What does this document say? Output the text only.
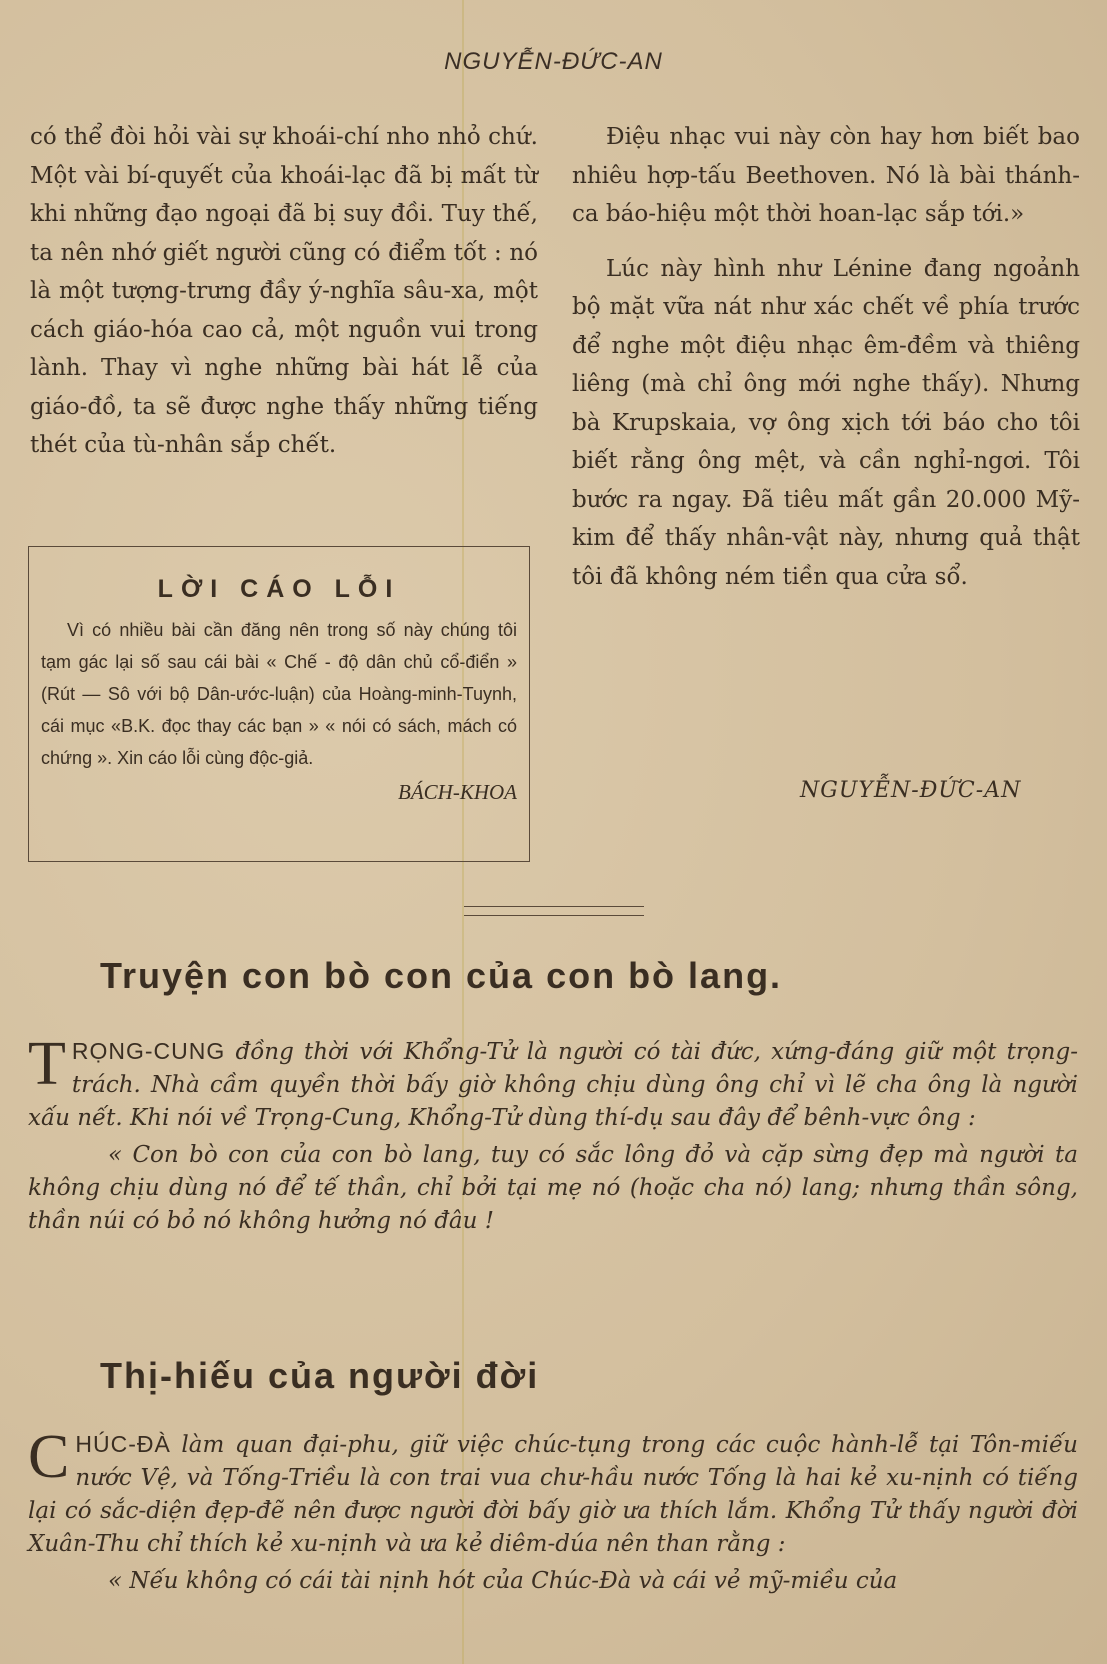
NGUYỄN-ĐỨC-AN

có thể đòi hỏi vài sự khoái-chí nho nhỏ chứ. Một vài bí-quyết của khoái-lạc đã bị mất từ khi những đạo ngoại đã bị suy đồi. Tuy thế, ta nên nhớ giết người cũng có điểm tốt : nó là một tượng-trưng đầy ý-nghĩa sâu-xa, một cách giáo-hóa cao cả, một nguồn vui trong lành. Thay vì nghe những bài hát lễ của giáo-đồ, ta sẽ được nghe thấy những tiếng thét của tù-nhân sắp chết.

LỜI CÁO LỖI
Vì có nhiều bài cần đăng nên trong số này chúng tôi tạm gác lại số sau cái bài « Chế - độ dân chủ cổ-điển » (Rút — Sô với bộ Dân-ước-luận) của Hoàng-minh-Tuynh, cái mục «B.K. đọc thay các bạn » « nói có sách, mách có chứng ». Xin cáo lỗi cùng độc-giả.
BÁCH-KHOA

Điệu nhạc vui này còn hay hơn biết bao nhiêu hợp-tấu Beethoven. Nó là bài thánh-ca báo-hiệu một thời hoan-lạc sắp tới.»

Lúc này hình như Lénine đang ngoảnh bộ mặt vữa nát như xác chết về phía trước để nghe một điệu nhạc êm-đềm và thiêng liêng (mà chỉ ông mới nghe thấy). Nhưng bà Krupskaia, vợ ông xịch tới báo cho tôi biết rằng ông mệt, và cần nghỉ-ngơi. Tôi bước ra ngay. Đã tiêu mất gần 20.000 Mỹ-kim để thấy nhân-vật này, nhưng quả thật tôi đã không ném tiền qua cửa sổ.

NGUYỄN-ĐỨC-AN
Truyện con bò con của con bò lang.

TRỌNG-CUNG đồng thời với Khổng-Tử là người có tài đức, xứng-đáng giữ một trọng-trách. Nhà cầm quyền thời bấy giờ không chịu dùng ông chỉ vì lẽ cha ông là người xấu nết. Khi nói về Trọng-Cung, Khổng-Tử dùng thí-dụ sau đây để bênh-vực ông :

« Con bò con của con bò lang, tuy có sắc lông đỏ và cặp sừng đẹp mà người ta không chịu dùng nó để tế thần, chỉ bởi tại mẹ nó (hoặc cha nó) lang; nhưng thần sông, thần núi có bỏ nó không hưởng nó đâu !

Thị-hiếu của người đời

CHÚC-ĐÀ làm quan đại-phu, giữ việc chúc-tụng trong các cuộc hành-lễ tại Tôn-miếu nước Vệ, và Tống-Triều là con trai vua chư-hầu nước Tống là hai kẻ xu-nịnh có tiếng lại có sắc-diện đẹp-đẽ nên được người đời bấy giờ ưa thích lắm. Khổng Tử thấy người đời Xuân-Thu chỉ thích kẻ xu-nịnh và ưa kẻ diêm-dúa nên than rằng :

« Nếu không có cái tài nịnh hót của Chúc-Đà và cái vẻ mỹ-miều của
